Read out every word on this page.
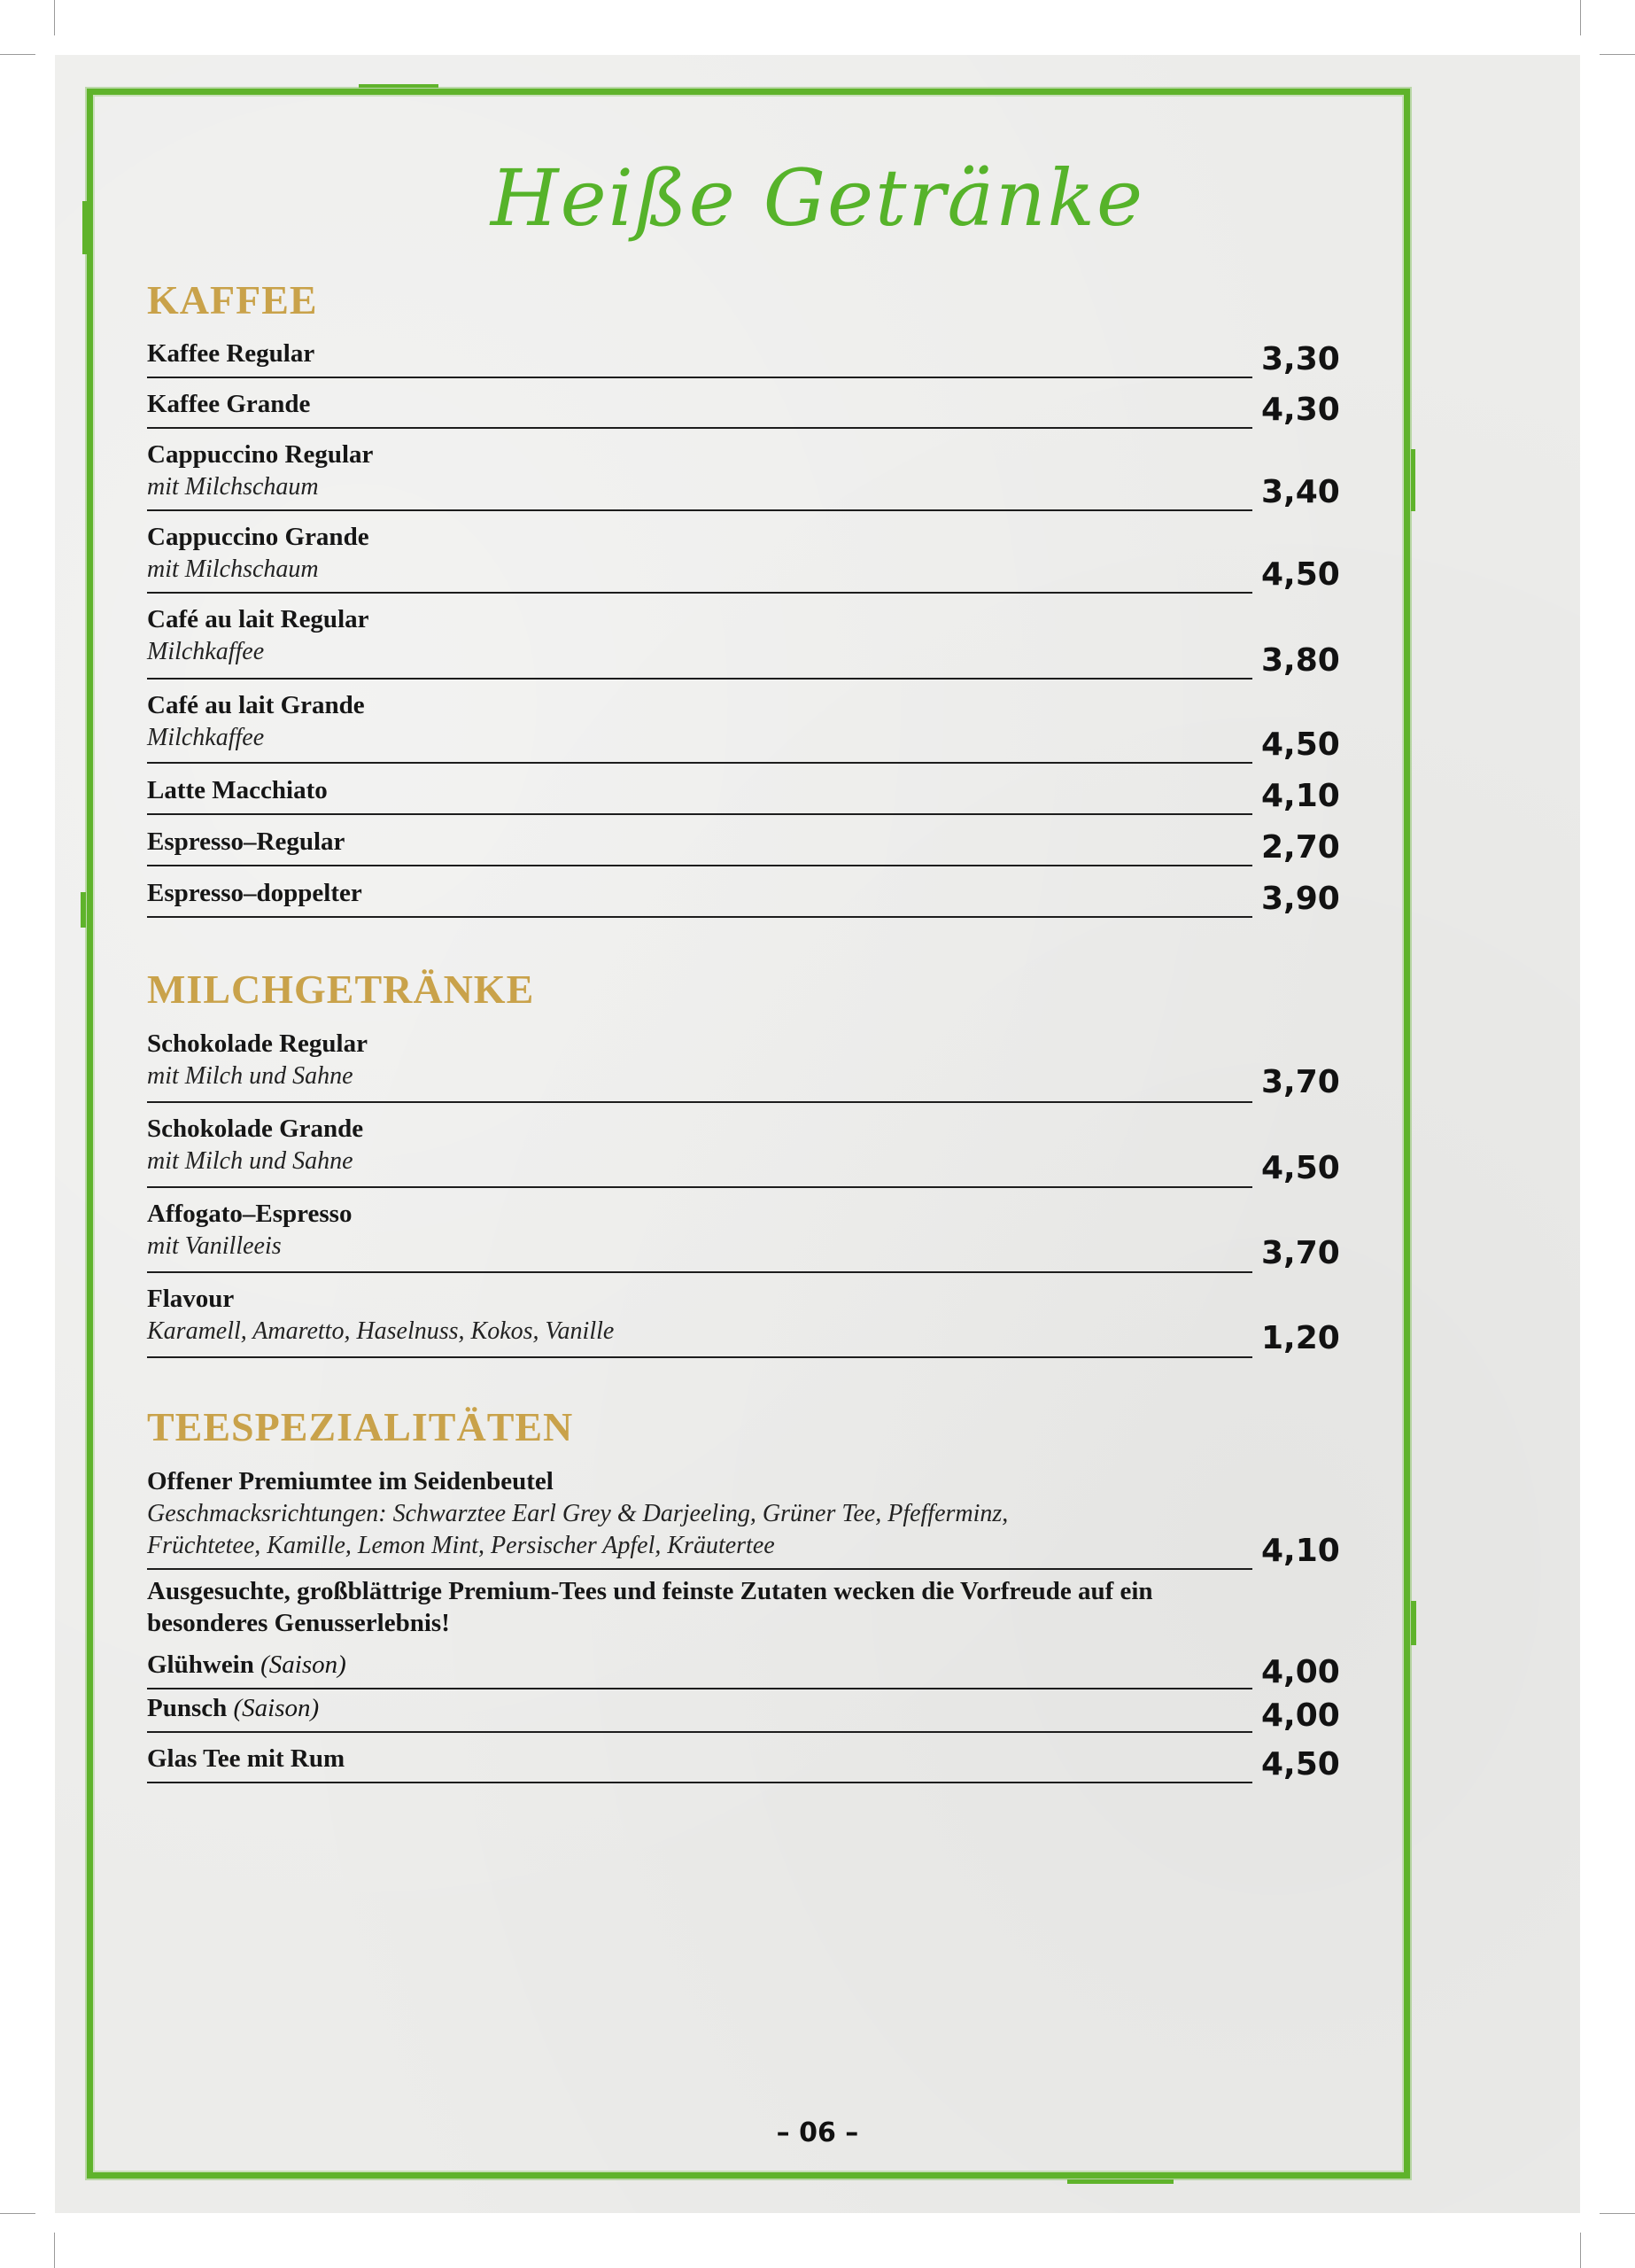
Heiße Getränke
KAFFEE
Kaffee Regular	3,30
Kaffee Grande	4,30
Cappuccino Regular
mit Milchschaum	3,40
Cappuccino Grande
mit Milchschaum	4,50
Café au lait Regular
Milchkaffee	3,80
Café au lait Grande
Milchkaffee	4,50
Latte Macchiato	4,10
Espresso–Regular	2,70
Espresso–doppelter	3,90
MILCHGETRÄNKE
Schokolade Regular
mit Milch und Sahne	3,70
Schokolade Grande
mit Milch und Sahne	4,50
Affogato–Espresso
mit Vanilleeis	3,70
Flavour
Karamell, Amaretto, Haselnuss, Kokos, Vanille	1,20
TEESPEZIALITÄTEN
Offener Premiumtee im Seidenbeutel
Geschmacksrichtungen: Schwarztee Earl Grey & Darjeeling, Grüner Tee, Pfefferminz,
Früchtetee, Kamille, Lemon Mint, Persischer Apfel, Kräutertee	4,10
Ausgesuchte, großblättrige Premium-Tees und feinste Zutaten wecken die Vorfreude auf ein besonderes Genusserlebnis!
Glühwein (Saison)	4,00
Punsch (Saison)	4,00
Glas Tee mit Rum	4,50
– 06 –
